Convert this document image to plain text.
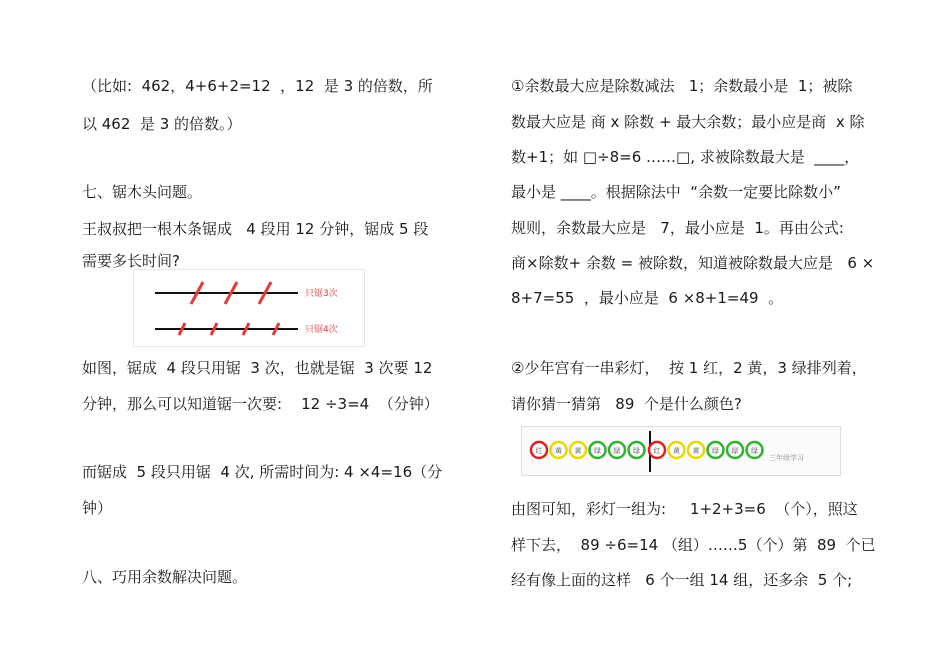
（比如:  462，4+6+2=12  ，12  是 3 的倍数，所
以 462  是 3 的倍数。）
七、锯木头问题。
王叔叔把一根木条锯成   4 段用 12 分钟，锯成 5 段
需要多长时间?
只锯3次
只锯4次
如图，锯成  4 段只用锯  3 次，也就是锯  3 次要 12
分钟，那么可以知道锯一次要:    12 ÷3=4  （分钟）
而锯成  5 段只用锯  4 次, 所需时间为: 4 ×4=16（分
钟）
八、巧用余数解决问题。
①余数最大应是除数减法   1；余数最小是  1；被除
数最大应是 商 x 除数 + 最大余数；最小应是商  x 除
数+1；如 □÷8=6 ……□, 求被除数最大是  ____，
最小是 ____。根据除法中  “余数一定要比除数小”
规则，余数最大应是   7，最小应是  1。再由公式:
商×除数+ 余数 = 被除数，知道被除数最大应是   6 ×
8+7=55  ，最小应是  6 ×8+1=49  。
②少年宫有一串彩灯，  按 1 红，2 黄，3 绿排列着，
请你猜一猜第   89  个是什么颜色?
三年级学习
红 黄 黄 绿 绿 绿 红 黄 黄 绿 绿 绿
由图可知，彩灯一组为:     1+2+3=6  （个），照这
样下去，  89 ÷6=14 （组）……5（个）第  89  个已
经有像上面的这样   6 个一组 14 组，还多余  5 个;
